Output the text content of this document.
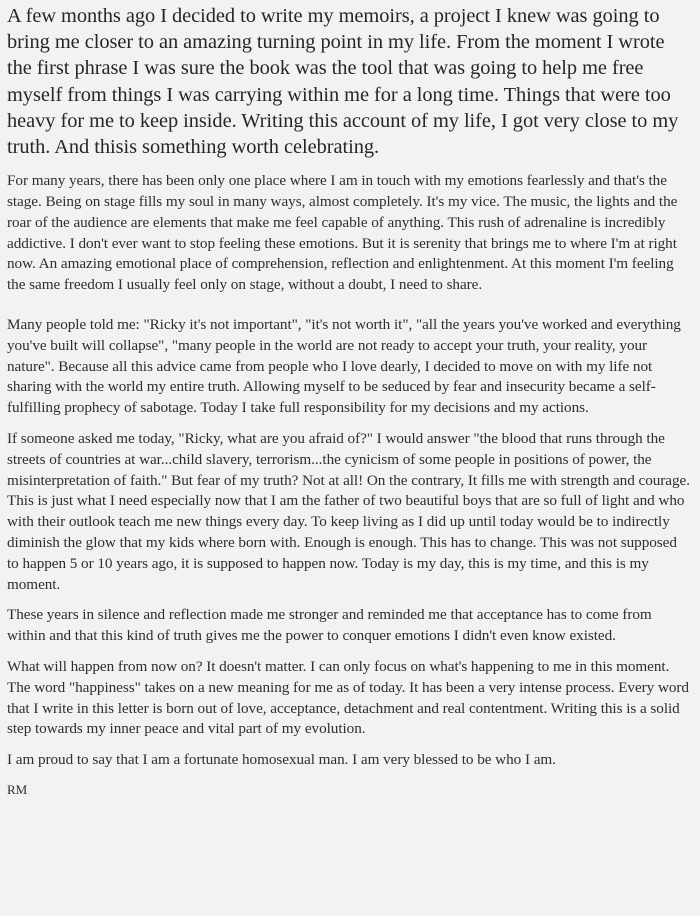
A few months ago I decided to write my memoirs, a project I knew was going to bring me closer to an amazing turning point in my life. From the moment I wrote the first phrase I was sure the book was the tool that was going to help me free myself from things I was carrying within me for a long time. Things that were too heavy for me to keep inside. Writing this account of my life, I got very close to my truth. And thisis something worth celebrating.

For many years, there has been only one place where I am in touch with my emotions fearlessly and that's the stage. Being on stage fills my soul in many ways, almost completely. It's my vice. The music, the lights and the roar of the audience are elements that make me feel capable of anything. This rush of adrenaline is incredibly addictive. I don't ever want to stop feeling these emotions. But it is serenity that brings me to where I'm at right now. An amazing emotional place of comprehension, reflection and enlightenment. At this moment I'm feeling the same freedom I usually feel only on stage, without a doubt, I need to share.

Many people told me: "Ricky it's not important", "it's not worth it", "all the years you've worked and everything you've built will collapse", "many people in the world are not ready to accept your truth, your reality, your nature". Because all this advice came from people who I love dearly, I decided to move on with my life not sharing with the world my entire truth. Allowing myself to be seduced by fear and insecurity became a self-fulfilling prophecy of sabotage. Today I take full responsibility for my decisions and my actions.

If someone asked me today, "Ricky, what are you afraid of?" I would answer "the blood that runs through the streets of countries at war...child slavery, terrorism...the cynicism of some people in positions of power, the misinterpretation of faith." But fear of my truth? Not at all! On the contrary, It fills me with strength and courage. This is just what I need especially now that I am the father of two beautiful boys that are so full of light and who with their outlook teach me new things every day. To keep living as I did up until today would be to indirectly diminish the glow that my kids where born with. Enough is enough. This has to change. This was not supposed to happen 5 or 10 years ago, it is supposed to happen now. Today is my day, this is my time, and this is my moment.

These years in silence and reflection made me stronger and reminded me that acceptance has to come from within and that this kind of truth gives me the power to conquer emotions I didn't even know existed.

What will happen from now on? It doesn't matter. I can only focus on what's happening to me in this moment. The word "happiness" takes on a new meaning for me as of today. It has been a very intense process. Every word that I write in this letter is born out of love, acceptance, detachment and real contentment. Writing this is a solid step towards my inner peace and vital part of my evolution.

I am proud to say that I am a fortunate homosexual man. I am very blessed to be who I am.

RM
